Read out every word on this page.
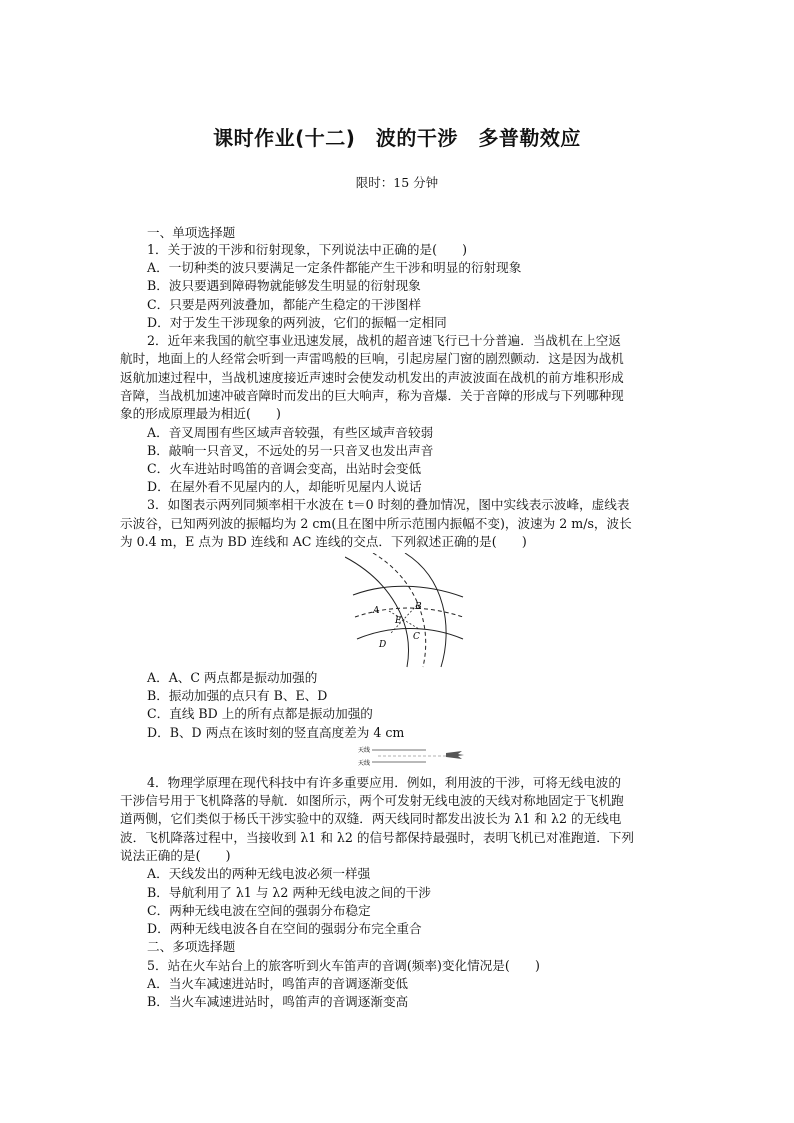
课时作业(十二)　波的干涉　多普勒效应
限时：15 分钟
一、单项选择题
1．关于波的干涉和衍射现象，下列说法中正确的是(　　)
A．一切种类的波只要满足一定条件都能产生干涉和明显的衍射现象
B．波只要遇到障碍物就能够发生明显的衍射现象
C．只要是两列波叠加，都能产生稳定的干涉图样
D．对于发生干涉现象的两列波，它们的振幅一定相同
2．近年来我国的航空事业迅速发展，战机的超音速飞行已十分普遍．当战机在上空返
航时，地面上的人经常会听到一声雷鸣般的巨响，引起房屋门窗的剧烈颤动．这是因为战机
返航加速过程中，当战机速度接近声速时会使发动机发出的声波波面在战机的前方堆积形成
音障，当战机加速冲破音障时而发出的巨大响声，称为音爆．关于音障的形成与下列哪种现
象的形成原理最为相近(　　)
A．音叉周围有些区域声音较强，有些区域声音较弱
B．敲响一只音叉，不远处的另一只音叉也发出声音
C．火车进站时鸣笛的音调会变高，出站时会变低
D．在屋外看不见屋内的人，却能听见屋内人说话
3．如图表示两列同频率相干水波在 t＝0 时刻的叠加情况，图中实线表示波峰，虚线表
示波谷，已知两列波的振幅均为 2 cm(且在图中所示范围内振幅不变)，波速为 2 m/s，波长
为 0.4 m，E 点为 BD 连线和 AC 连线的交点．下列叙述正确的是(　　)
A	B
E
C
D
A．A、C 两点都是振动加强的
B．振动加强的点只有 B、E、D
C．直线 BD 上的所有点都是振动加强的
D．B、D 两点在该时刻的竖直高度差为 4 cm
天线
天线
4．物理学原理在现代科技中有许多重要应用．例如，利用波的干涉，可将无线电波的
干涉信号用于飞机降落的导航．如图所示，两个可发射无线电波的天线对称地固定于飞机跑
道两侧，它们类似于杨氏干涉实验中的双缝．两天线同时都发出波长为 λ1 和 λ2 的无线电
波．飞机降落过程中，当接收到 λ1 和 λ2 的信号都保持最强时，表明飞机已对准跑道．下列
说法正确的是(　　)
A．天线发出的两种无线电波必须一样强
B．导航利用了 λ1 与 λ2 两种无线电波之间的干涉
C．两种无线电波在空间的强弱分布稳定
D．两种无线电波各自在空间的强弱分布完全重合
二、多项选择题
5．站在火车站台上的旅客听到火车笛声的音调(频率)变化情况是(　　)
A．当火车减速进站时，鸣笛声的音调逐渐变低
B．当火车减速进站时，鸣笛声的音调逐渐变高
